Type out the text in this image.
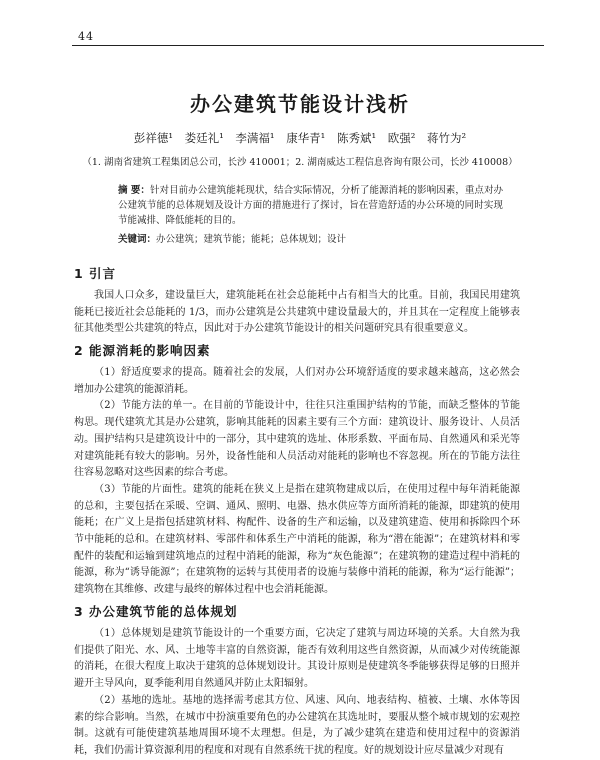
44
办公建筑节能设计浅析
彭祥德¹ 娄廷礼¹ 李满福¹ 康华青¹ 陈秀斌¹ 欧强² 蒋竹为²
（1. 湖南省建筑工程集团总公司，长沙 410001；2. 湖南威达工程信息咨询有限公司，长沙 410008）
摘 要：针对目前办公建筑能耗现状，结合实际情况，分析了能源消耗的影响因素，重点对办公建筑节能的总体规划及设计方面的措施进行了探讨，旨在营造舒适的办公环境的同时实现节能减排、降低能耗的目的。
关键词：办公建筑；建筑节能；能耗；总体规划；设计
1 引言

我国人口众多，建设量巨大，建筑能耗在社会总能耗中占有相当大的比重。目前，我国民用建筑能耗已接近社会总能耗的 1/3，而办公建筑是公共建筑中建设量最大的，并且其在一定程度上能够表征其他类型公共建筑的特点，因此对于办公建筑节能设计的相关问题研究具有很重要意义。

2 能源消耗的影响因素

（1）舒适度要求的提高。随着社会的发展，人们对办公环境舒适度的要求越来越高，这必然会增加办公建筑的能源消耗。

（2）节能方法的单一。在目前的节能设计中，往往只注重围护结构的节能，而缺乏整体的节能构思。现代建筑尤其是办公建筑，影响其能耗的因素主要有三个方面：建筑设计、服务设计、人员活动。围护结构只是建筑设计中的一部分，其中建筑的选址、体形系数、平面布局、自然通风和采光等对建筑能耗有较大的影响。另外，设备性能和人员活动对能耗的影响也不容忽视。所在的节能方法往往容易忽略对这些因素的综合考虑。

（3）节能的片面性。建筑的能耗在狭义上是指在建筑物建成以后，在使用过程中每年消耗能源的总和，主要包括在采暖、空调、通风、照明、电器、热水供应等方面所消耗的能源，即建筑的使用能耗；在广义上是指包括建筑材料、构配件、设备的生产和运输，以及建筑建造、使用和拆除四个环节中能耗的总和。在建筑材料、零部件和体系生产中消耗的能源，称为“潜在能源”；在建筑材料和零配件的装配和运输到建筑地点的过程中消耗的能源，称为“灰色能源”；在建筑物的建造过程中消耗的能源，称为“诱导能源”；在建筑物的运转与其使用者的设施与装修中消耗的能源，称为“运行能源”；建筑物在其维修、改建与最终的解体过程中也会消耗能源。

3 办公建筑节能的总体规划

（1）总体规划是建筑节能设计的一个重要方面，它决定了建筑与周边环境的关系。大自然为我们提供了阳光、水、风、土地等丰富的自然资源，能否有效利用这些自然资源，从而减少对传统能源的消耗，在很大程度上取决于建筑的总体规划设计。其设计原则是使建筑冬季能够获得足够的日照并避开主导风向，夏季能利用自然通风并防止太阳辐射。

（2）基地的选址。基地的选择需考虑其方位、风速、风向、地表结构、植被、土壤、水体等因素的综合影响。当然，在城市中扮演重要角色的办公建筑在其选址时，要服从整个城市规划的宏观控制。这就有可能使建筑基地周围环境不太理想。但是，为了减少建筑在建造和使用过程中的资源消耗，我们仍需计算资源利用的程度和对现有自然系统干扰的程度。好的规划设计应尽量减少对现有
